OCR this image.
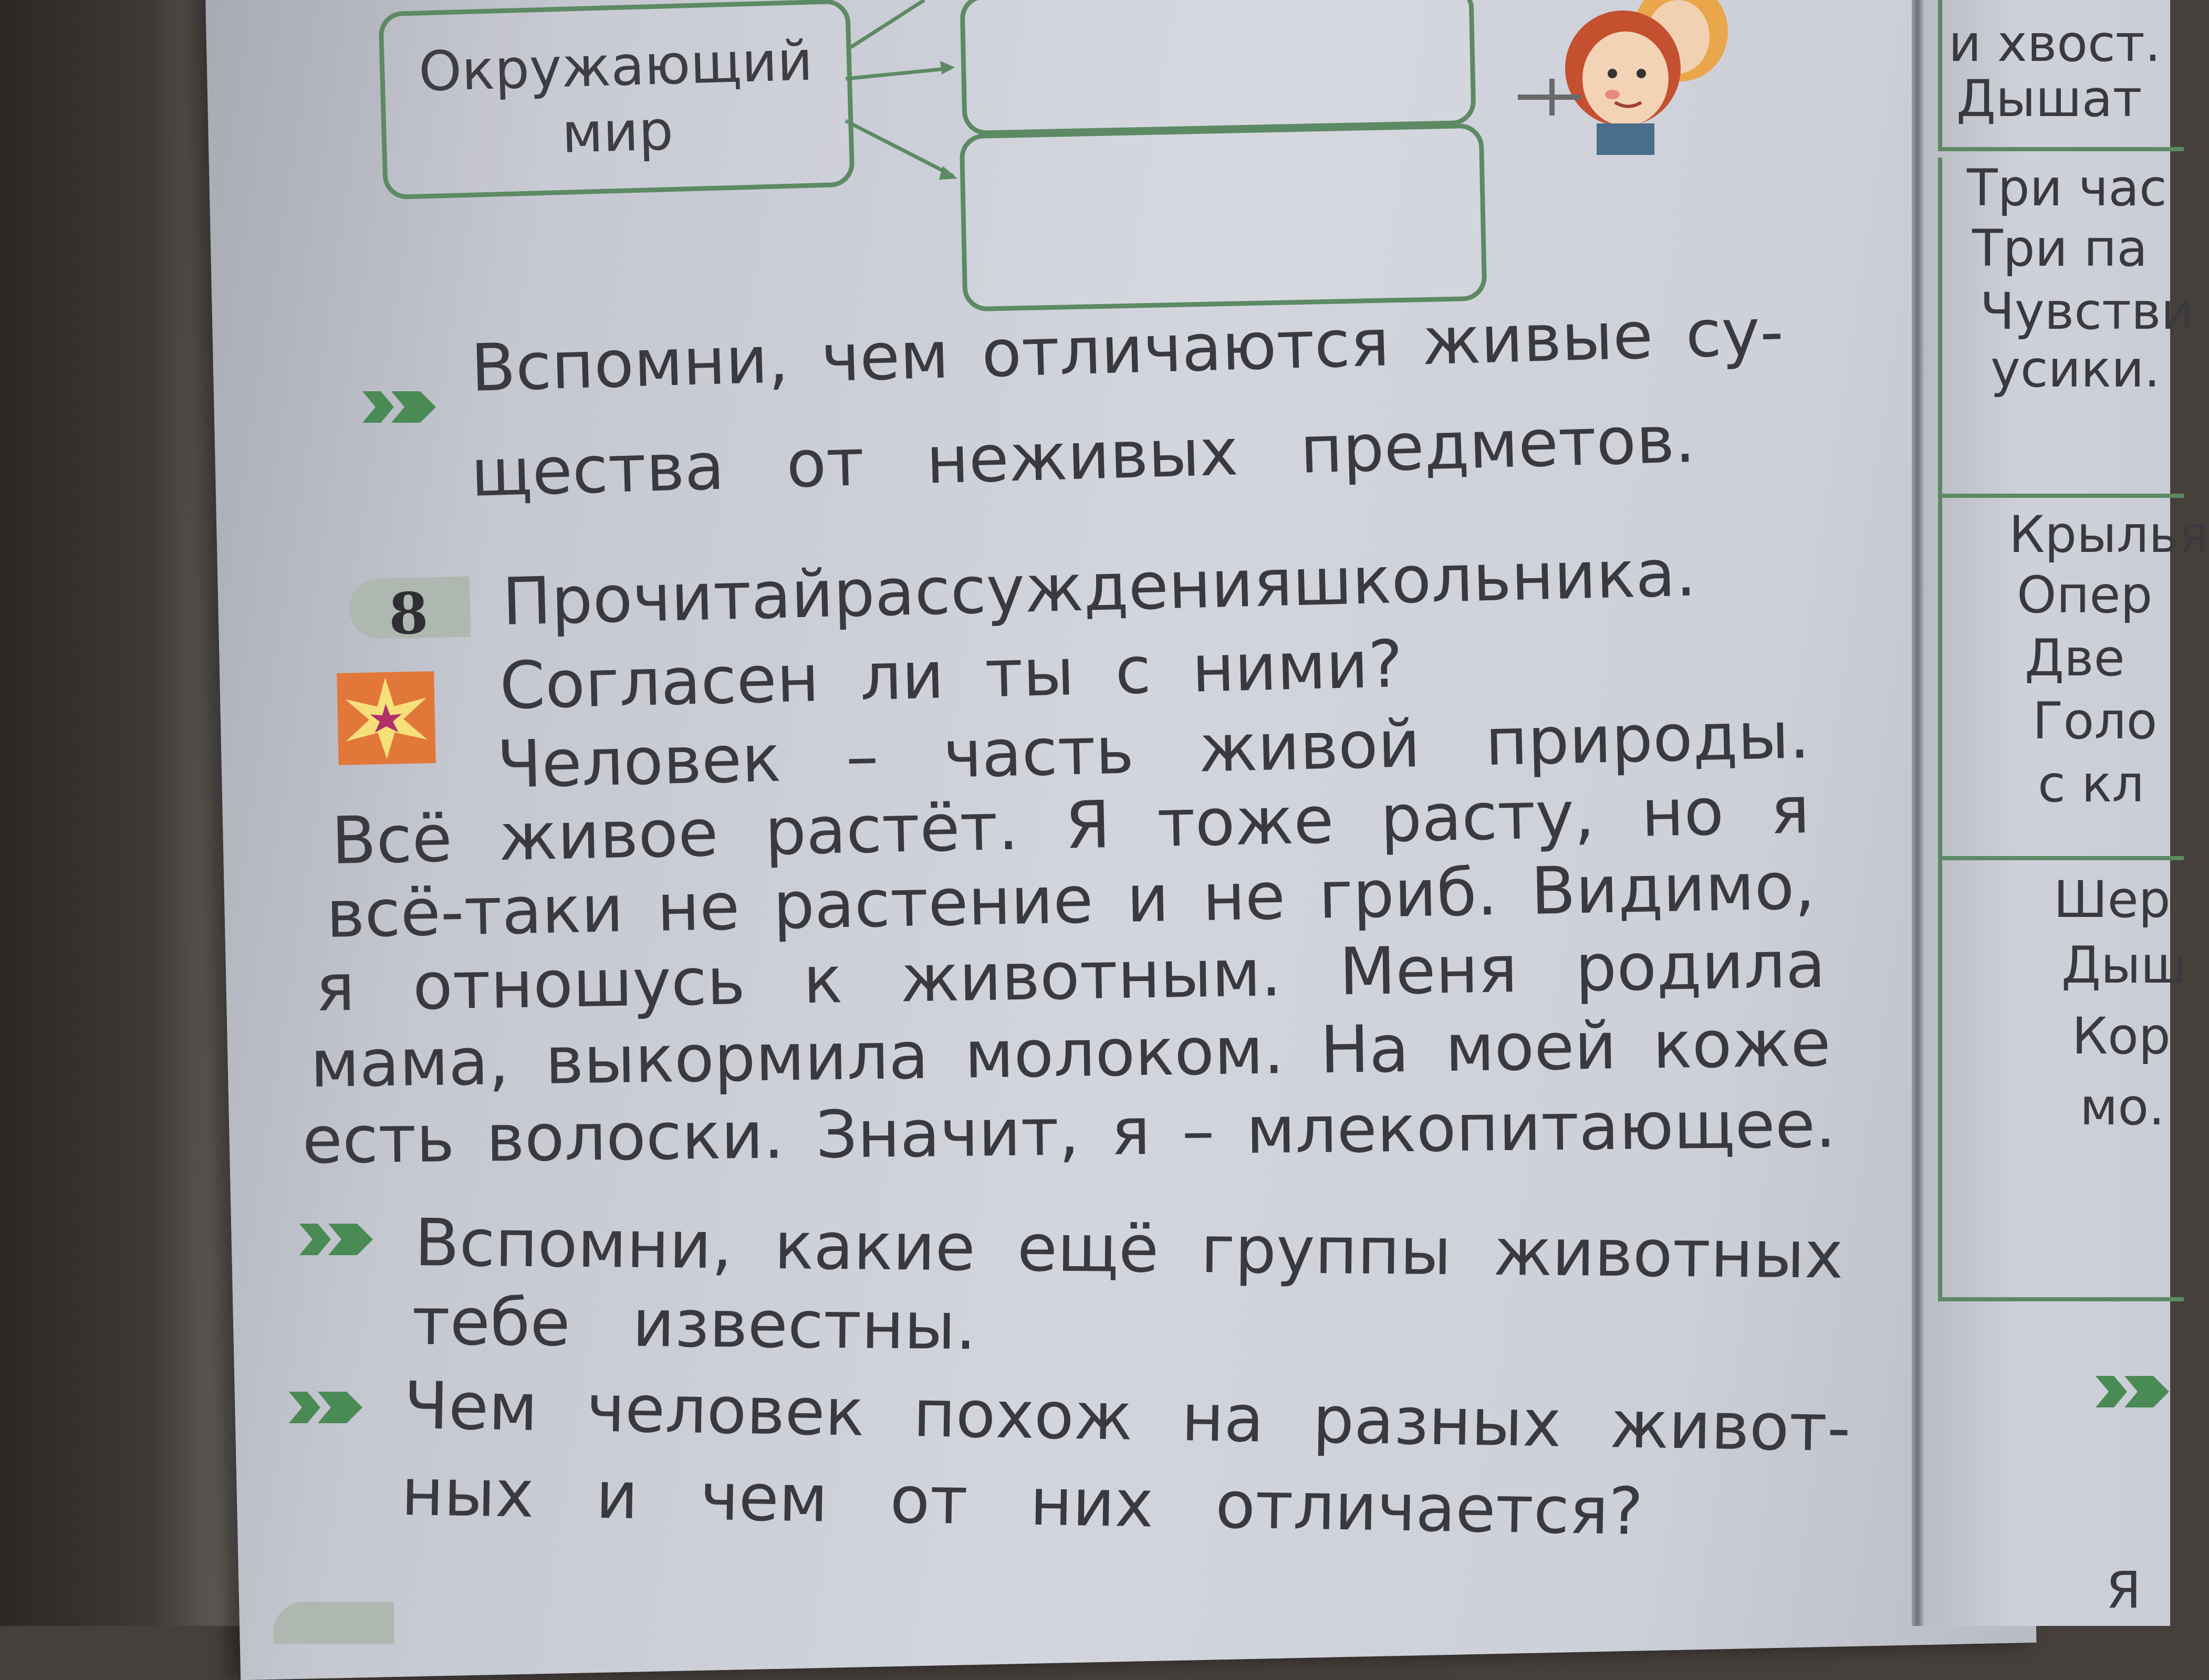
Окружающий
мир
Вспомни, чем отличаются живые су-
щества   от   неживых   предметов.
8 Прочитай
рассуждения
школьника.
Согласен ли ты с ними?
Человек – часть живой природы.
Всё живое растёт. Я тоже расту, но я
всё-таки не растение и не гриб. Видимо,
я отношусь к животным. Меня родила
мама, выкормила молоком. На моей коже
есть волоски. Значит, я – млекопитающее.
Вспомни, какие ещё группы животных
тебе   известны.
Чем человек похож на разных живот-
ных   и   чем   от   них   отличается?
и хвост.
Дышат
Три час
Три па
Чувстви
усики.
Крылья
Опер
Две
Голо
с кл
Шер
Дыш
Кор
мо.
Я
